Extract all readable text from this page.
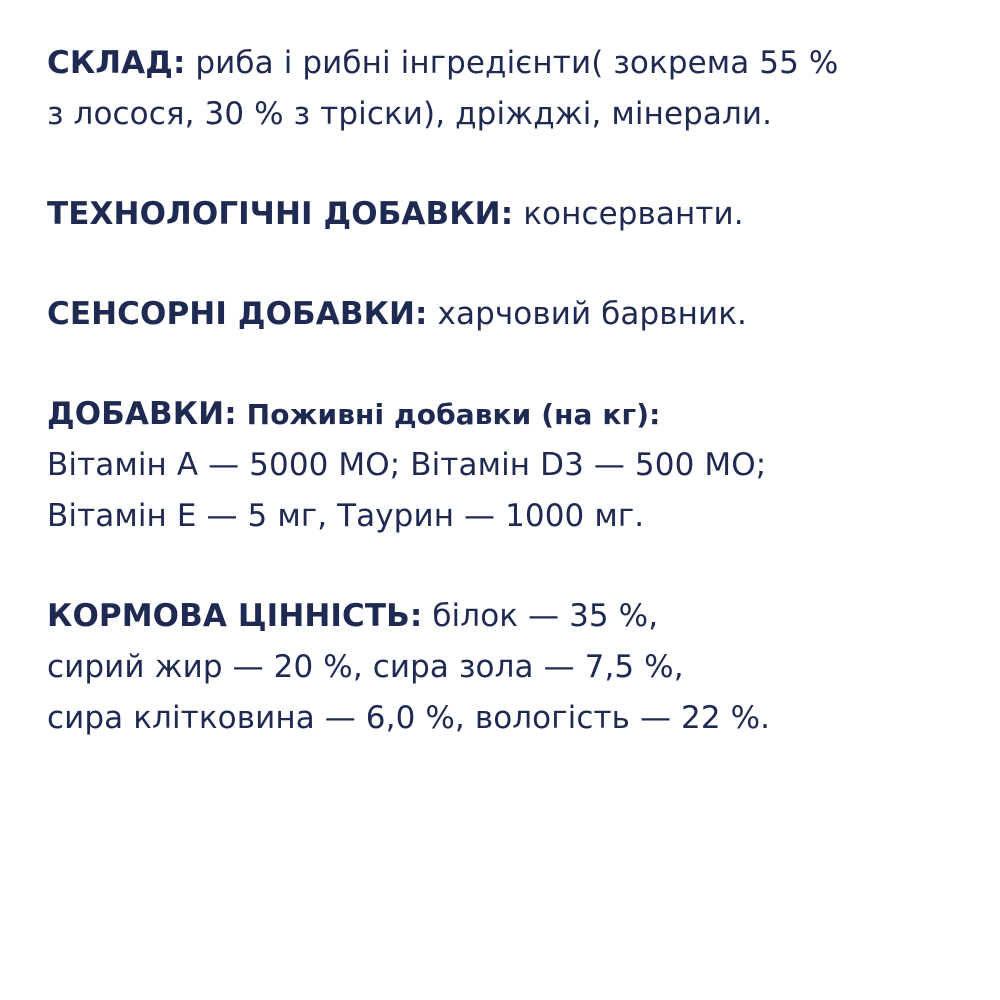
СКЛАД: риба і рибні інгредієнти( зокрема 55 %
з лосося, 30 % з тріски), дріжджі, мінерали.
ТЕХНОЛОГІЧНІ ДОБАВКИ: консерванти.
СЕНСОРНІ ДОБАВКИ: харчовий барвник.
ДОБАВКИ: Поживні добавки (на кг):
Вітамін А — 5000 МО; Вітамін D3 — 500 МО;
Вітамін Е — 5 мг, Таурин — 1000 мг.
КОРМОВА ЦІННІСТЬ: білок — 35 %,
сирий жир — 20 %, сира зола — 7,5 %,
сира клітковина — 6,0 %, вологість — 22 %.
